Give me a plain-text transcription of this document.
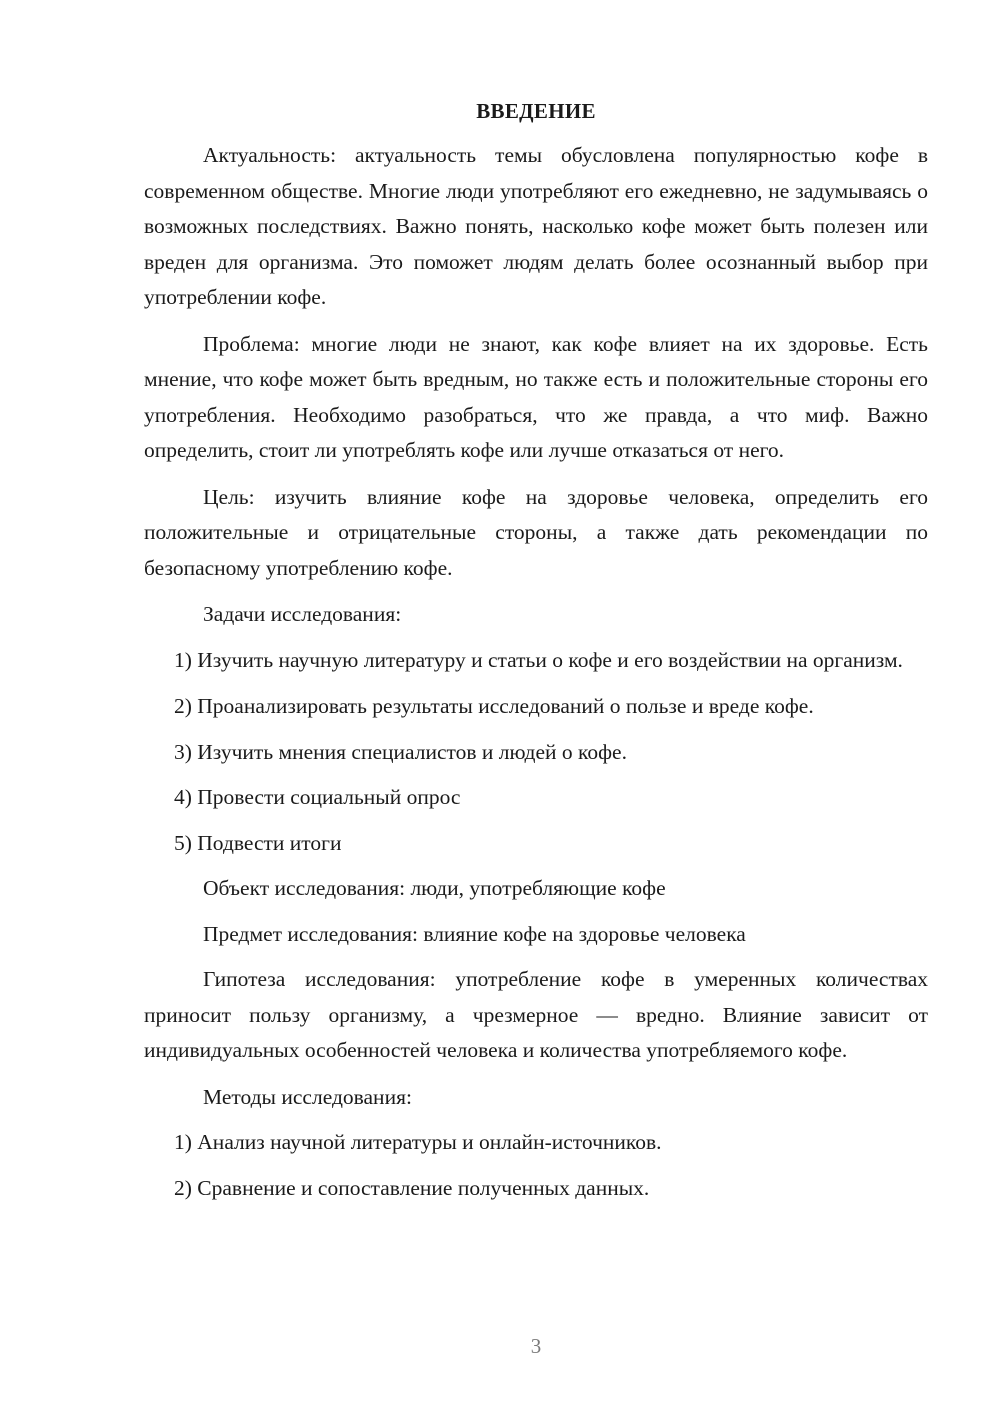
ВВЕДЕНИЕ

Актуальность: актуальность темы обусловлена популярностью кофе в современном обществе. Многие люди употребляют его ежедневно, не задумываясь о возможных последствиях. Важно понять, насколько кофе может быть полезен или вреден для организма. Это поможет людям делать более осознанный выбор при употреблении кофе.

Проблема: многие люди не знают, как кофе влияет на их здоровье. Есть мнение, что кофе может быть вредным, но также есть и положительные стороны его употребления. Необходимо разобраться, что же правда, а что миф. Важно определить, стоит ли употреблять кофе или лучше отказаться от него.

Цель: изучить влияние кофе на здоровье человека, определить его положительные и отрицательные стороны, а также дать рекомендации по безопасному употреблению кофе.

Задачи исследования:

1) Изучить научную литературу и статьи о кофе и его воздействии на организм.

2) Проанализировать результаты исследований о пользе и вреде кофе.

3) Изучить мнения специалистов и людей о кофе.

4) Провести социальный опрос

5) Подвести итоги

Объект исследования: люди, употребляющие кофе

Предмет исследования: влияние кофе на здоровье человека

Гипотеза исследования: употребление кофе в умеренных количествах приносит пользу организму, а чрезмерное — вредно. Влияние зависит от индивидуальных особенностей человека и количества употребляемого кофе.

Методы исследования:

1) Анализ научной литературы и онлайн-источников.

2) Сравнение и сопоставление полученных данных.

3
